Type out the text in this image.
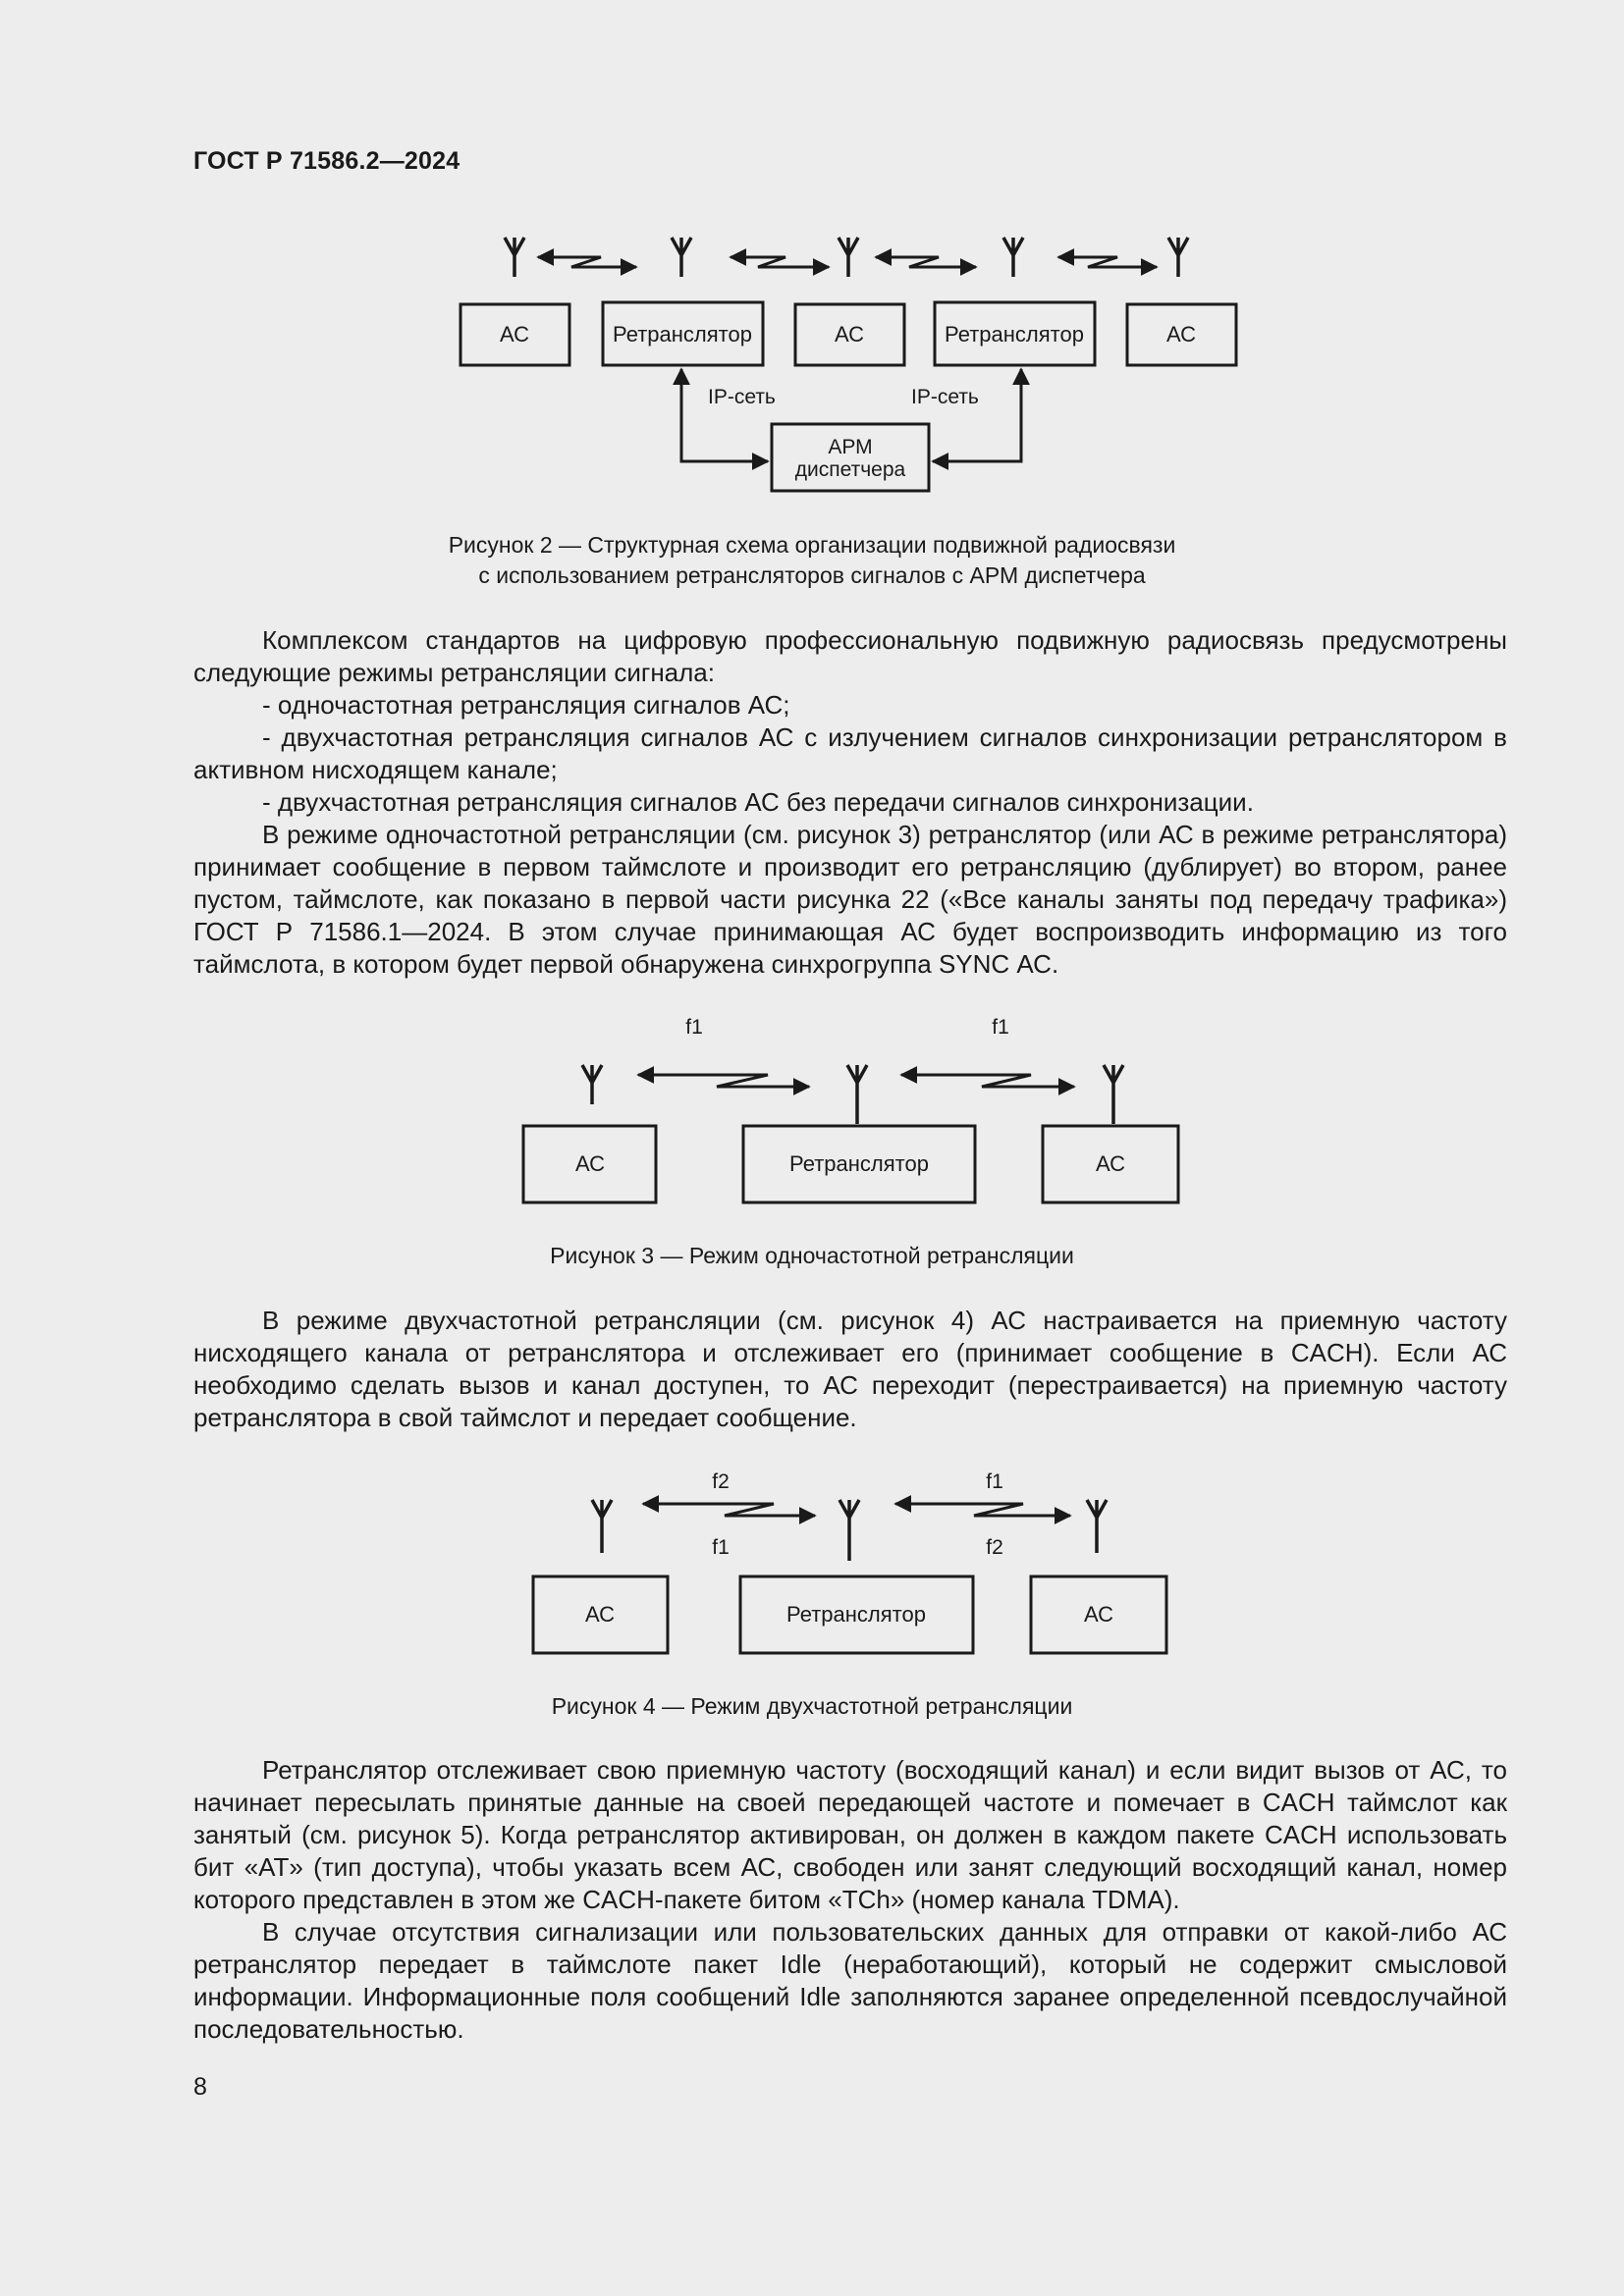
ГОСТ Р 71586.2—2024
АС	Ретранслятор	АС	Ретранслятор	АС
IP-сеть	IP-сеть
АРМ
диспетчера
Рисунок 2 — Структурная схема организации подвижной радиосвязи
с использованием ретрансляторов сигналов с АРМ диспетчера

Комплексом стандартов на цифровую профессиональную подвижную радиосвязь предусмотрены следующие режимы ретрансляции сигнала:

- одночастотная ретрансляция сигналов АС;

- двухчастотная ретрансляция сигналов АС с излучением сигналов синхронизации ретранслятором в активном нисходящем канале;

- двухчастотная ретрансляция сигналов АС без передачи сигналов синхронизации.

В режиме одночастотной ретрансляции (см. рисунок 3) ретранслятор (или АС в режиме ретранслятора) принимает сообщение в первом таймслоте и производит его ретрансляцию (дублирует) во втором, ранее пустом, таймслоте, как показано в первой части рисунка 22 («Все каналы заняты под передачу трафика») ГОСТ Р 71586.1—2024. В этом случае принимающая АС будет воспроизводить информацию из того таймслота, в котором будет первой обнаружена синхрогруппа SYNC АС.

f1	f1
АС	Ретранслятор	АС
Рисунок 3 — Режим одночастотной ретрансляции

В режиме двухчастотной ретрансляции (см. рисунок 4) АС настраивается на приемную частоту нисходящего канала от ретранслятора и отслеживает его (принимает сообщение в CACH). Если АС необходимо сделать вызов и канал доступен, то АС переходит (перестраивается) на приемную частоту ретранслятора в свой таймслот и передает сообщение.

f2
f1
f1
f2
АС	Ретранслятор	АС
Рисунок 4 — Режим двухчастотной ретрансляции

Ретранслятор отслеживает свою приемную частоту (восходящий канал) и если видит вызов от АС, то начинает пересылать принятые данные на своей передающей частоте и помечает в CACH таймслот как занятый (см. рисунок 5). Когда ретранслятор активирован, он должен в каждом пакете CACH использовать бит «AT» (тип доступа), чтобы указать всем АС, свободен или занят следующий восходящий канал, номер которого представлен в этом же CACH-пакете битом «TCh» (номер канала TDMA).

В случае отсутствия сигнализации или пользовательских данных для отправки от какой-либо АС ретранслятор передает в таймслоте пакет Idle (неработающий), который не содержит смысловой информации. Информационные поля сообщений Idle заполняются заранее определенной псевдослучайной последовательностью.

8
